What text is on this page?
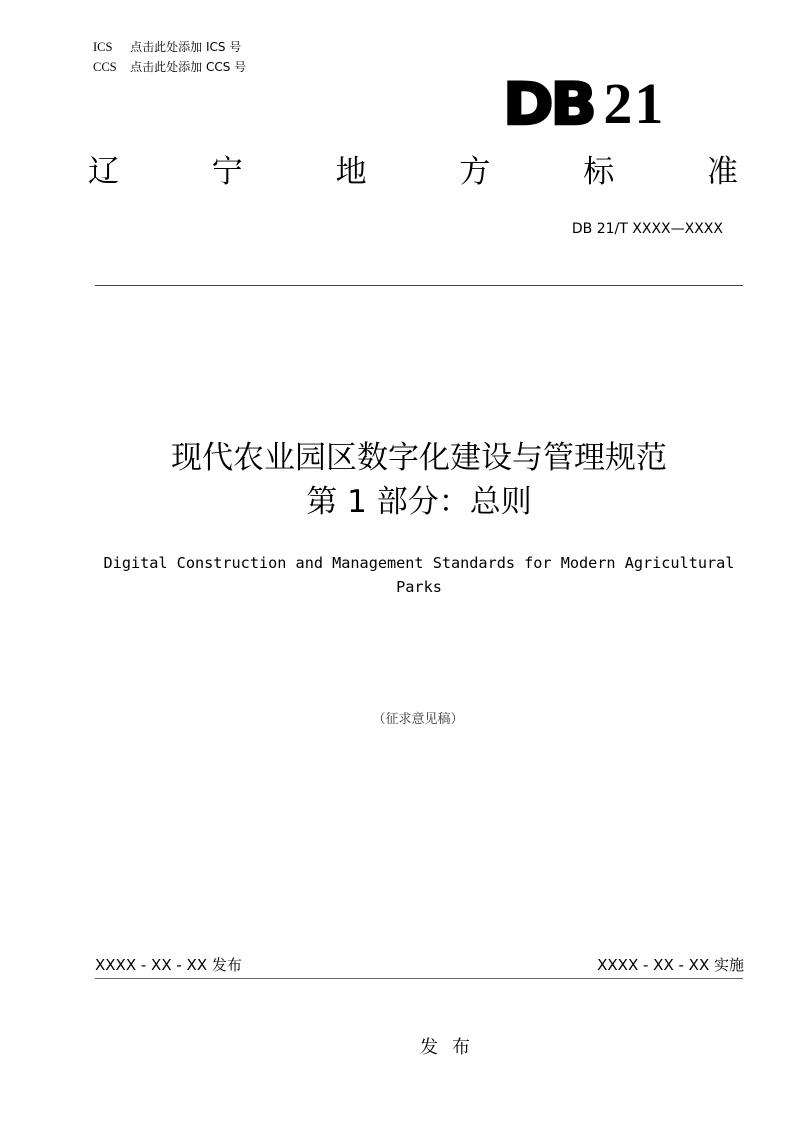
ICS 点击此处添加 ICS 号
CCS 点击此处添加 CCS 号
DB 21
辽	宁	地	方	标	准
DB 21/T XXXX—XXXX
现代农业园区数字化建设与管理规范
第 1 部分：总则
Digital Construction and Management Standards for Modern Agricultural
Parks
（征求意见稿）
XXXX - XX - XX 发布	XXXX - XX - XX 实施
发布
